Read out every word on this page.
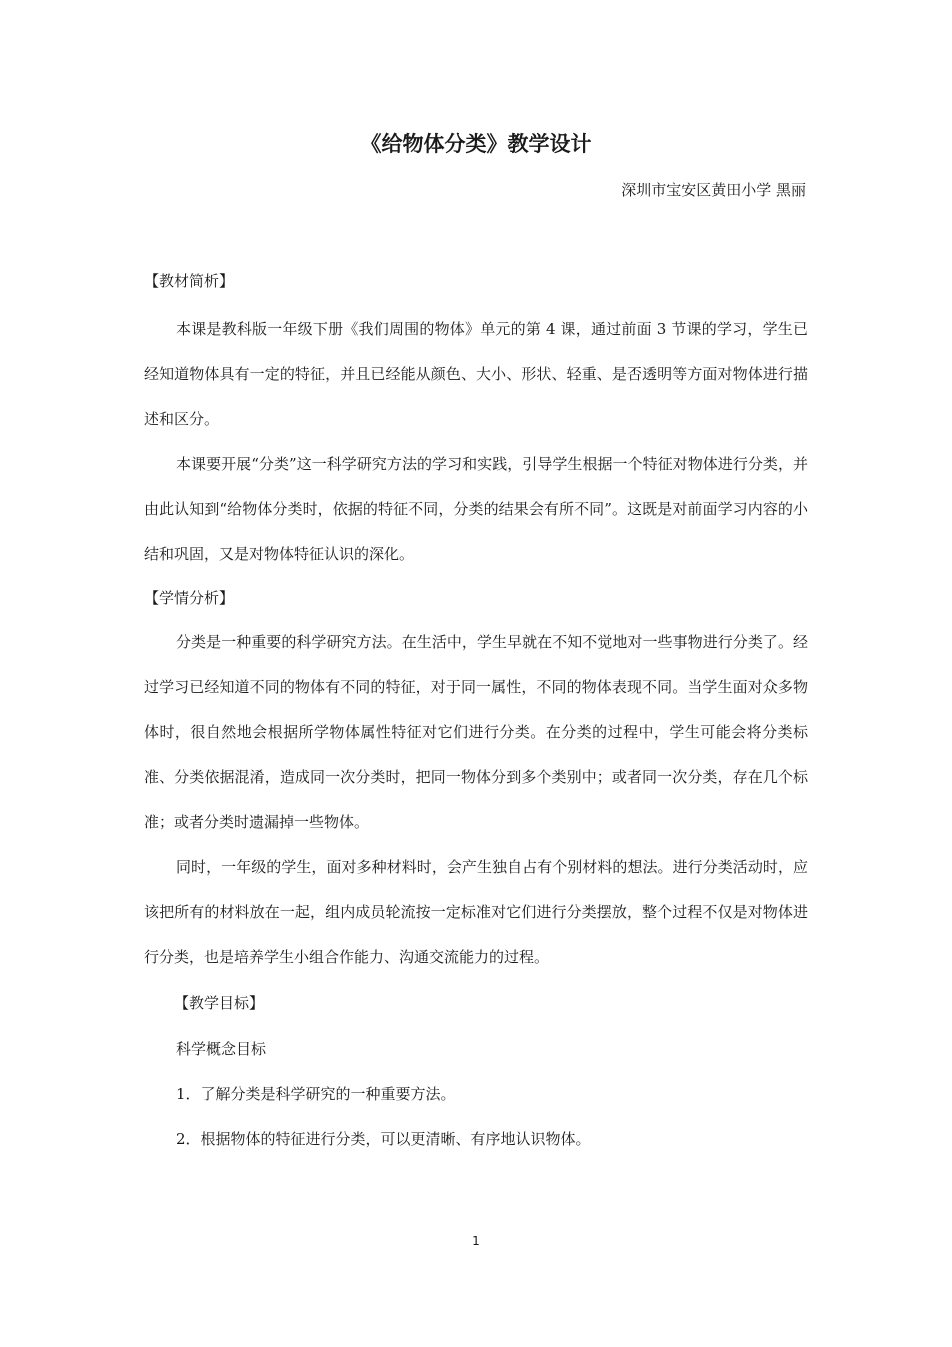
《给物体分类》教学设计

深圳市宝安区黄田小学 黑丽

【教材简析】

本课是教科版一年级下册《我们周围的物体》单元的第 4 课，通过前面 3 节课的学习，学生已经知道物体具有一定的特征，并且已经能从颜色、大小、形状、轻重、是否透明等方面对物体进行描述和区分。

本课要开展“分类”这一科学研究方法的学习和实践，引导学生根据一个特征对物体进行分类，并由此认知到“给物体分类时，依据的特征不同，分类的结果会有所不同”。这既是对前面学习内容的小结和巩固，又是对物体特征认识的深化。

【学情分析】

分类是一种重要的科学研究方法。在生活中，学生早就在不知不觉地对一些事物进行分类了。经过学习已经知道不同的物体有不同的特征，对于同一属性，不同的物体表现不同。当学生面对众多物体时，很自然地会根据所学物体属性特征对它们进行分类。在分类的过程中，学生可能会将分类标准、分类依据混淆，造成同一次分类时，把同一物体分到多个类别中；或者同一次分类，存在几个标准；或者分类时遗漏掉一些物体。

同时，一年级的学生，面对多种材料时，会产生独自占有个别材料的想法。进行分类活动时，应该把所有的材料放在一起，组内成员轮流按一定标准对它们进行分类摆放，整个过程不仅是对物体进行分类，也是培养学生小组合作能力、沟通交流能力的过程。

【教学目标】

科学概念目标

1．了解分类是科学研究的一种重要方法。

2．根据物体的特征进行分类，可以更清晰、有序地认识物体。

1
